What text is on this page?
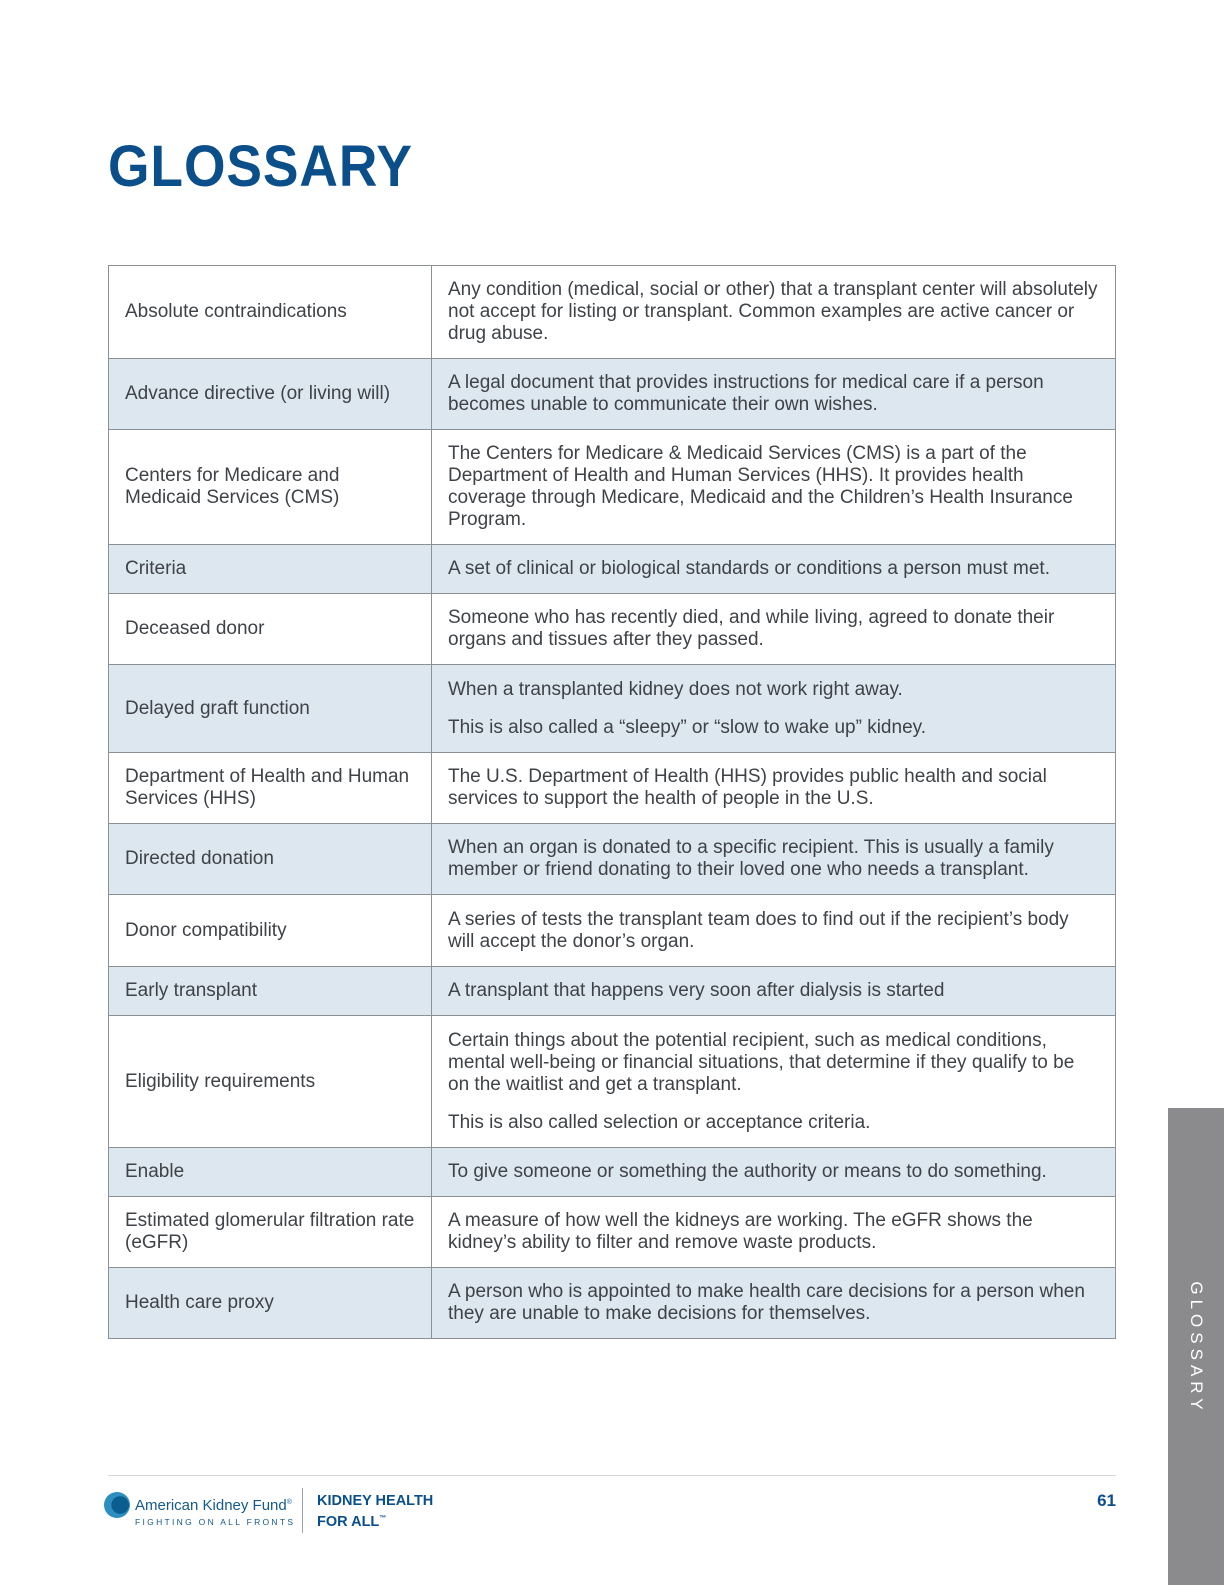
GLOSSARY
Absolute contraindications	Any condition (medical, social or other) that a transplant center will absolutely not accept for listing or transplant. Common examples are active cancer or drug abuse.

Advance directive (or living will)	A legal document that provides instructions for medical care if a person becomes unable to communicate their own wishes.

Centers for Medicare and Medicaid Services (CMS)	The Centers for Medicare & Medicaid Services (CMS) is a part of the Department of Health and Human Services (HHS). It provides health coverage through Medicare, Medicaid and the Children’s Health Insurance Program.

Criteria	A set of clinical or biological standards or conditions a person must met.

Deceased donor	Someone who has recently died, and while living, agreed to donate their organs and tissues after they passed.

Delayed graft function	When a transplanted kidney does not work right away.

This is also called a “sleepy” or “slow to wake up” kidney.

Department of Health and Human Services (HHS)	The U.S. Department of Health (HHS) provides public health and social services to support the health of people in the U.S.

Directed donation	When an organ is donated to a specific recipient. This is usually a family member or friend donating to their loved one who needs a transplant.

Donor compatibility	A series of tests the transplant team does to find out if the recipient’s body will accept the donor’s organ.

Early transplant	A transplant that happens very soon after dialysis is started

Eligibility requirements	Certain things about the potential recipient, such as medical conditions, mental well-being or financial situations, that determine if they qualify to be on the waitlist and get a transplant.

This is also called selection or acceptance criteria.

Enable	To give someone or something the authority or means to do something.

Estimated glomerular filtration rate (eGFR)	A measure of how well the kidneys are working. The eGFR shows the kidney’s ability to filter and remove waste products.

Health care proxy	A person who is appointed to make health care decisions for a person when they are unable to make decisions for themselves.

American Kidney Fund®
FIGHTING ON ALL FRONTS
KIDNEY HEALTH
FOR ALL™
61
GLOSSARY
